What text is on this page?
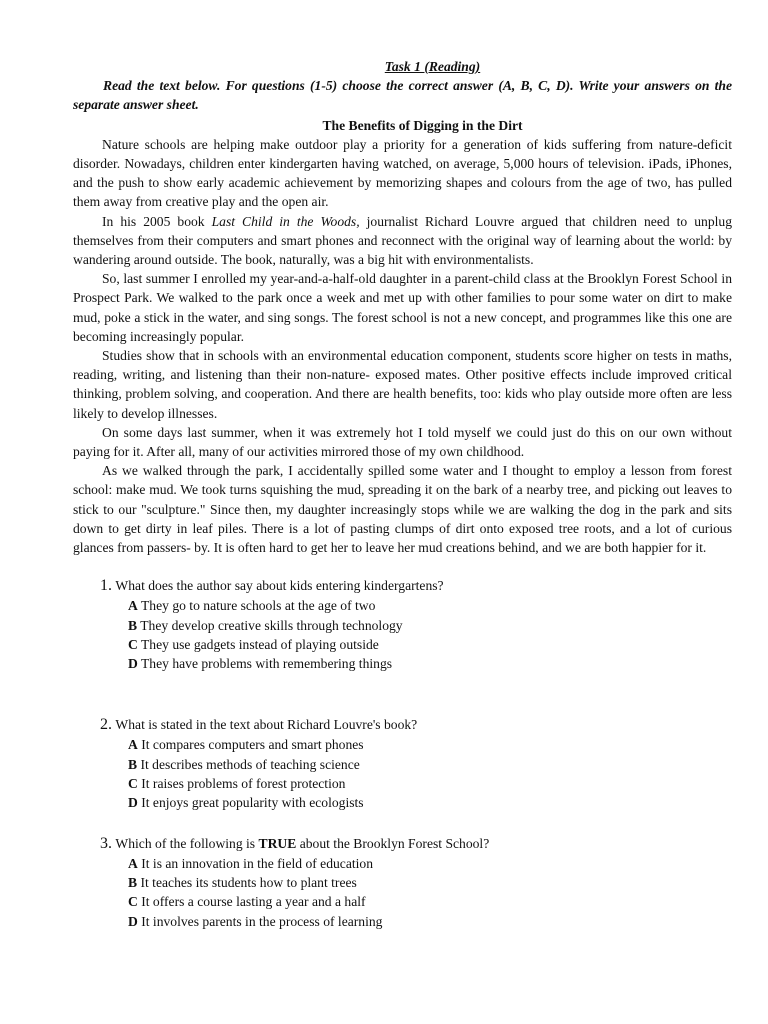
Task 1 (Reading)

Read the text below. For questions (1-5) choose the correct answer (A, B, C, D). Write your answers on the separate answer sheet.

The Benefits of Digging in the Dirt

Nature schools are helping make outdoor play a priority for a generation of kids suffering from nature-deficit disorder. Nowadays, children enter kindergarten having watched, on average, 5,000 hours of television. iPads, iPhones, and the push to show early academic achievement by memorizing shapes and colours from the age of two, has pulled them away from creative play and the open air.

In his 2005 book Last Child in the Woods, journalist Richard Louvre argued that children need to unplug themselves from their computers and smart phones and reconnect with the original way of learning about the world: by wandering around outside. The book, naturally, was a big hit with environmentalists.

So, last summer I enrolled my year-and-a-half-old daughter in a parent-child class at the Brooklyn Forest School in Prospect Park. We walked to the park once a week and met up with other families to pour some water on dirt to make mud, poke a stick in the water, and sing songs. The forest school is not a new concept, and programmes like this one are becoming increasingly popular.

Studies show that in schools with an environmental education component, students score higher on tests in maths, reading, writing, and listening than their non-nature- exposed mates. Other positive effects include improved critical thinking, problem solving, and cooperation. And there are health benefits, too: kids who play outside more often are less likely to develop illnesses.

On some days last summer, when it was extremely hot I told myself we could just do this on our own without paying for it. After all, many of our activities mirrored those of my own childhood.

As we walked through the park, I accidentally spilled some water and I thought to employ a lesson from forest school: make mud. We took turns squishing the mud, spreading it on the bark of a nearby tree, and picking out leaves to stick to our "sculpture." Since then, my daughter increasingly stops while we are walking the dog in the park and sits down to get dirty in leaf piles. There is a lot of pasting clumps of dirt onto exposed tree roots, and a lot of curious glances from passers- by. It is often hard to get her to leave her mud creations behind, and we are both happier for it.

1. What does the author say about kids entering kindergartens?
A They go to nature schools at the age of two
B They develop creative skills through technology
C They use gadgets instead of playing outside
D They have problems with remembering things
2. What is stated in the text about Richard Louvre's book?
A It compares computers and smart phones
B It describes methods of teaching science
C It raises problems of forest protection
D It enjoys great popularity with ecologists
3. Which of the following is TRUE about the Brooklyn Forest School?
A It is an innovation in the field of education
B It teaches its students how to plant trees
C It offers a course lasting a year and a half
D It involves parents in the process of learning
